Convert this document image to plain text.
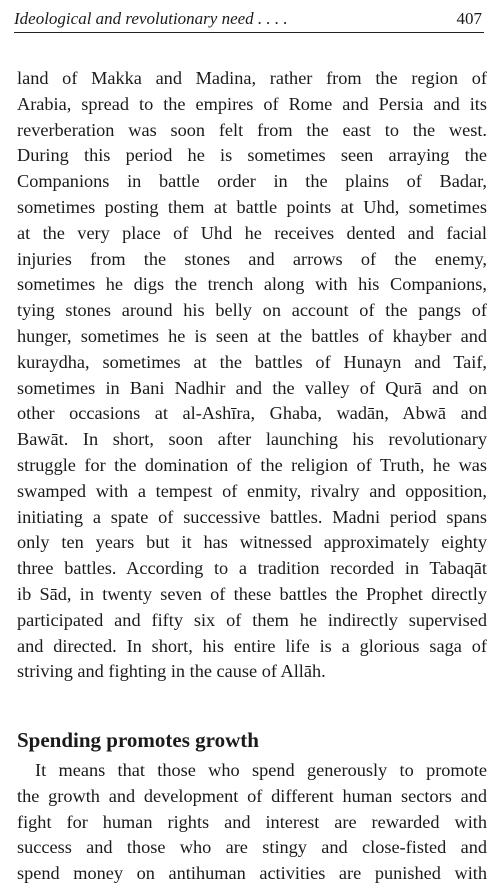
Ideological and revolutionary need . . . .	407

land of Makka and Madina, rather from the region of
Arabia, spread to the empires of Rome and Persia and its
reverberation was soon felt from the east to the west.
During this period he is sometimes seen arraying the
Companions in battle order in the plains of Badar,
sometimes posting them at battle points at Uhd, sometimes
at the very place of Uhd he receives dented and facial
injuries from the stones and arrows of the enemy,
sometimes he digs the trench along with his Companions,
tying stones around his belly on account of the pangs of
hunger, sometimes he is seen at the battles of khayber and
kuraydha, sometimes at the battles of Hunayn and Taif,
sometimes in Bani Nadhir and the valley of Qurā and on
other occasions at al-Ashīra, Ghaba, wadān, Abwā and
Bawāt. In short, soon after launching his revolutionary
struggle for the domination of the religion of Truth, he was
swamped with a tempest of enmity, rivalry and opposition,
initiating a spate of successive battles. Madni period spans
only ten years but it has witnessed approximately eighty
three battles. According to a tradition recorded in Tabaqāt
ib Sād, in twenty seven of these battles the Prophet directly
participated and fifty six of them he indirectly supervised
and directed. In short, his entire life is a glorious saga of
striving and fighting in the cause of Allāh.

Spending promotes growth

It means that those who spend generously to promote
the growth and development of different human sectors and
fight for human rights and interest are rewarded with
success and those who are stingy and close-fisted and
spend money on antihuman activities are punished with
